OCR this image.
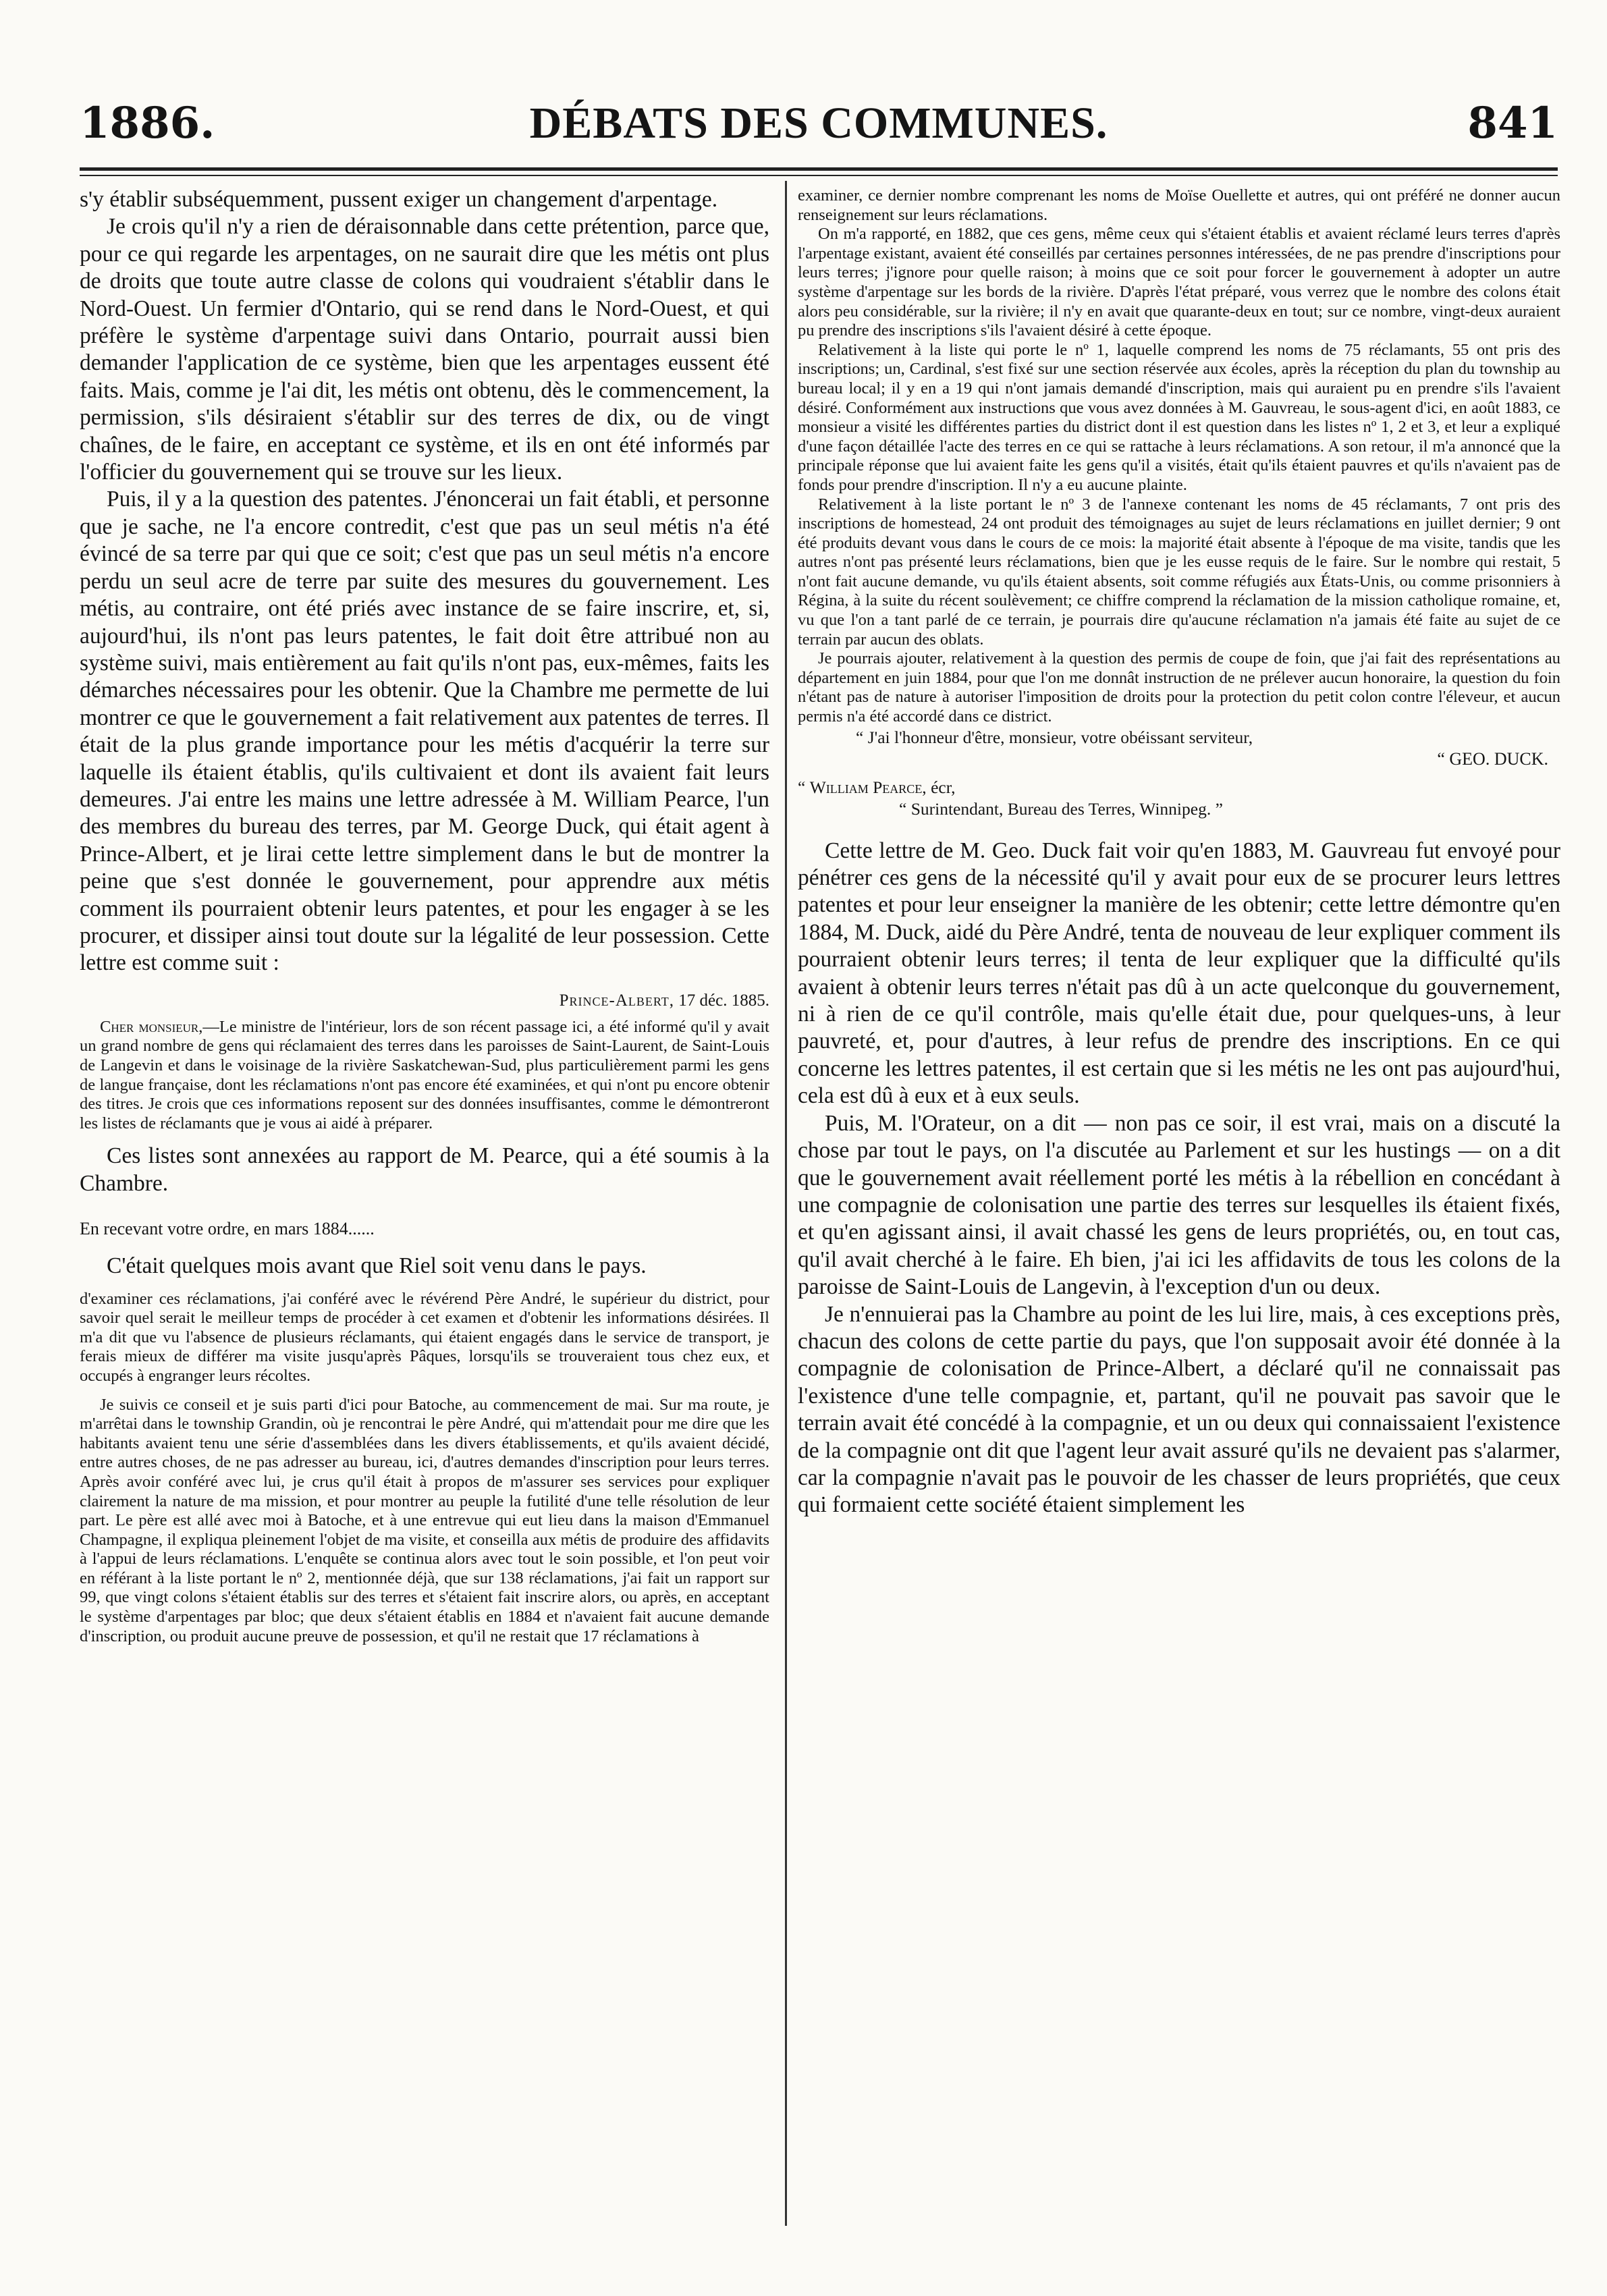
1886.	DÉBATS DES COMMUNES.	841

s'y établir subséquemment, pussent exiger un changement d'arpentage.

Je crois qu'il n'y a rien de déraisonnable dans cette prétention, parce que, pour ce qui regarde les arpentages, on ne saurait dire que les métis ont plus de droits que toute autre classe de colons qui voudraient s'établir dans le Nord-Ouest. Un fermier d'Ontario, qui se rend dans le Nord-Ouest, et qui préfère le système d'arpentage suivi dans Ontario, pourrait aussi bien demander l'application de ce système, bien que les arpentages eussent été faits. Mais, comme je l'ai dit, les métis ont obtenu, dès le commencement, la permission, s'ils désiraient s'établir sur des terres de dix, ou de vingt chaînes, de le faire, en acceptant ce système, et ils en ont été informés par l'officier du gouvernement qui se trouve sur les lieux.

Puis, il y a la question des patentes. J'énoncerai un fait établi, et personne que je sache, ne l'a encore contredit, c'est que pas un seul métis n'a été évincé de sa terre par qui que ce soit; c'est que pas un seul métis n'a encore perdu un seul acre de terre par suite des mesures du gouvernement. Les métis, au contraire, ont été priés avec instance de se faire inscrire, et, si, aujourd'hui, ils n'ont pas leurs patentes, le fait doit être attribué non au système suivi, mais entièrement au fait qu'ils n'ont pas, eux-mêmes, faits les démarches nécessaires pour les obtenir. Que la Chambre me permette de lui montrer ce que le gouvernement a fait relativement aux patentes de terres. Il était de la plus grande importance pour les métis d'acquérir la terre sur laquelle ils étaient établis, qu'ils cultivaient et dont ils avaient fait leurs demeures. J'ai entre les mains une lettre adressée à M. William Pearce, l'un des membres du bureau des terres, par M. George Duck, qui était agent à Prince-Albert, et je lirai cette lettre simplement dans le but de montrer la peine que s'est donnée le gouvernement, pour apprendre aux métis comment ils pourraient obtenir leurs patentes, et pour les engager à se les procurer, et dissiper ainsi tout doute sur la légalité de leur possession. Cette lettre est comme suit :

Prince-Albert, 17 déc. 1885.

Cher monsieur,—Le ministre de l'intérieur, lors de son récent passage ici, a été informé qu'il y avait un grand nombre de gens qui réclamaient des terres dans les paroisses de Saint-Laurent, de Saint-Louis de Langevin et dans le voisinage de la rivière Saskatchewan-Sud, plus particulièrement parmi les gens de langue française, dont les réclamations n'ont pas encore été examinées, et qui n'ont pu encore obtenir des titres. Je crois que ces informations reposent sur des données insuffisantes, comme le démontreront les listes de réclamants que je vous ai aidé à préparer.

Ces listes sont annexées au rapport de M. Pearce, qui a été soumis à la Chambre.

En recevant votre ordre, en mars 1884......

C'était quelques mois avant que Riel soit venu dans le pays.

d'examiner ces réclamations, j'ai conféré avec le révérend Père André, le supérieur du district, pour savoir quel serait le meilleur temps de procéder à cet examen et d'obtenir les informations désirées. Il m'a dit que vu l'absence de plusieurs réclamants, qui étaient engagés dans le service de transport, je ferais mieux de différer ma visite jusqu'après Pâques, lorsqu'ils se trouveraient tous chez eux, et occupés à engranger leurs récoltes.

Je suivis ce conseil et je suis parti d'ici pour Batoche, au commencement de mai. Sur ma route, je m'arrêtai dans le township Grandin, où je rencontrai le père André, qui m'attendait pour me dire que les habitants avaient tenu une série d'assemblées dans les divers établissements, et qu'ils avaient décidé, entre autres choses, de ne pas adresser au bureau, ici, d'autres demandes d'inscription pour leurs terres. Après avoir conféré avec lui, je crus qu'il était à propos de m'assurer ses services pour expliquer clairement la nature de ma mission, et pour montrer au peuple la futilité d'une telle résolution de leur part. Le père est allé avec moi à Batoche, et à une entrevue qui eut lieu dans la maison d'Emmanuel Champagne, il expliqua pleinement l'objet de ma visite, et conseilla aux métis de produire des affidavits à l'appui de leurs réclamations. L'enquête se continua alors avec tout le soin possible, et l'on peut voir en référant à la liste portant le nº 2, mentionnée déjà, que sur 138 réclamations, j'ai fait un rapport sur 99, que vingt colons s'étaient établis sur des terres et s'étaient fait inscrire alors, ou après, en acceptant le système d'arpentages par bloc; que deux s'étaient établis en 1884 et n'avaient fait aucune demande d'inscription, ou produit aucune preuve de possession, et qu'il ne restait que 17 réclamations à

examiner, ce dernier nombre comprenant les noms de Moïse Ouellette et autres, qui ont préféré ne donner aucun renseignement sur leurs réclamations.

On m'a rapporté, en 1882, que ces gens, même ceux qui s'étaient établis et avaient réclamé leurs terres d'après l'arpentage existant, avaient été conseillés par certaines personnes intéressées, de ne pas prendre d'inscriptions pour leurs terres; j'ignore pour quelle raison; à moins que ce soit pour forcer le gouvernement à adopter un autre système d'arpentage sur les bords de la rivière. D'après l'état préparé, vous verrez que le nombre des colons était alors peu considérable, sur la rivière; il n'y en avait que quarante-deux en tout; sur ce nombre, vingt-deux auraient pu prendre des inscriptions s'ils l'avaient désiré à cette époque.

Relativement à la liste qui porte le nº 1, laquelle comprend les noms de 75 réclamants, 55 ont pris des inscriptions; un, Cardinal, s'est fixé sur une section réservée aux écoles, après la réception du plan du township au bureau local; il y en a 19 qui n'ont jamais demandé d'inscription, mais qui auraient pu en prendre s'ils l'avaient désiré. Conformément aux instructions que vous avez données à M. Gauvreau, le sous-agent d'ici, en août 1883, ce monsieur a visité les différentes parties du district dont il est question dans les listes nº 1, 2 et 3, et leur a expliqué d'une façon détaillée l'acte des terres en ce qui se rattache à leurs réclamations. A son retour, il m'a annoncé que la principale réponse que lui avaient faite les gens qu'il a visités, était qu'ils étaient pauvres et qu'ils n'avaient pas de fonds pour prendre d'inscription. Il n'y a eu aucune plainte.

Relativement à la liste portant le nº 3 de l'annexe contenant les noms de 45 réclamants, 7 ont pris des inscriptions de homestead, 24 ont produit des témoignages au sujet de leurs réclamations en juillet dernier; 9 ont été produits devant vous dans le cours de ce mois: la majorité était absente à l'époque de ma visite, tandis que les autres n'ont pas présenté leurs réclamations, bien que je les eusse requis de le faire. Sur le nombre qui restait, 5 n'ont fait aucune demande, vu qu'ils étaient absents, soit comme réfugiés aux États-Unis, ou comme prisonniers à Régina, à la suite du récent soulèvement; ce chiffre comprend la réclamation de la mission catholique romaine, et, vu que l'on a tant parlé de ce terrain, je pourrais dire qu'aucune réclamation n'a jamais été faite au sujet de ce terrain par aucun des oblats.

Je pourrais ajouter, relativement à la question des permis de coupe de foin, que j'ai fait des représentations au département en juin 1884, pour que l'on me donnât instruction de ne prélever aucun honoraire, la question du foin n'étant pas de nature à autoriser l'imposition de droits pour la protection du petit colon contre l'éleveur, et aucun permis n'a été accordé dans ce district.

“ J'ai l'honneur d'être, monsieur, votre obéissant serviteur,

“ GEO. DUCK.

“ William Pearce, écr,

“ Surintendant, Bureau des Terres, Winnipeg. ”

Cette lettre de M. Geo. Duck fait voir qu'en 1883, M. Gauvreau fut envoyé pour pénétrer ces gens de la nécessité qu'il y avait pour eux de se procurer leurs lettres patentes et pour leur enseigner la manière de les obtenir; cette lettre démontre qu'en 1884, M. Duck, aidé du Père André, tenta de nouveau de leur expliquer comment ils pourraient obtenir leurs terres; il tenta de leur expliquer que la difficulté qu'ils avaient à obtenir leurs terres n'était pas dû à un acte quelconque du gouvernement, ni à rien de ce qu'il contrôle, mais qu'elle était due, pour quelques-uns, à leur pauvreté, et, pour d'autres, à leur refus de prendre des inscriptions. En ce qui concerne les lettres patentes, il est certain que si les métis ne les ont pas aujourd'hui, cela est dû à eux et à eux seuls.

Puis, M. l'Orateur, on a dit — non pas ce soir, il est vrai, mais on a discuté la chose par tout le pays, on l'a discutée au Parlement et sur les hustings — on a dit que le gouvernement avait réellement porté les métis à la rébellion en concédant à une compagnie de colonisation une partie des terres sur lesquelles ils étaient fixés, et qu'en agissant ainsi, il avait chassé les gens de leurs propriétés, ou, en tout cas, qu'il avait cherché à le faire. Eh bien, j'ai ici les affidavits de tous les colons de la paroisse de Saint-Louis de Langevin, à l'exception d'un ou deux.

Je n'ennuierai pas la Chambre au point de les lui lire, mais, à ces exceptions près, chacun des colons de cette partie du pays, que l'on supposait avoir été donnée à la compagnie de colonisation de Prince-Albert, a déclaré qu'il ne connaissait pas l'existence d'une telle compagnie, et, partant, qu'il ne pouvait pas savoir que le terrain avait été concédé à la compagnie, et un ou deux qui connaissaient l'existence de la compagnie ont dit que l'agent leur avait assuré qu'ils ne devaient pas s'alarmer, car la compagnie n'avait pas le pouvoir de les chasser de leurs propriétés, que ceux qui formaient cette société étaient simplement les
